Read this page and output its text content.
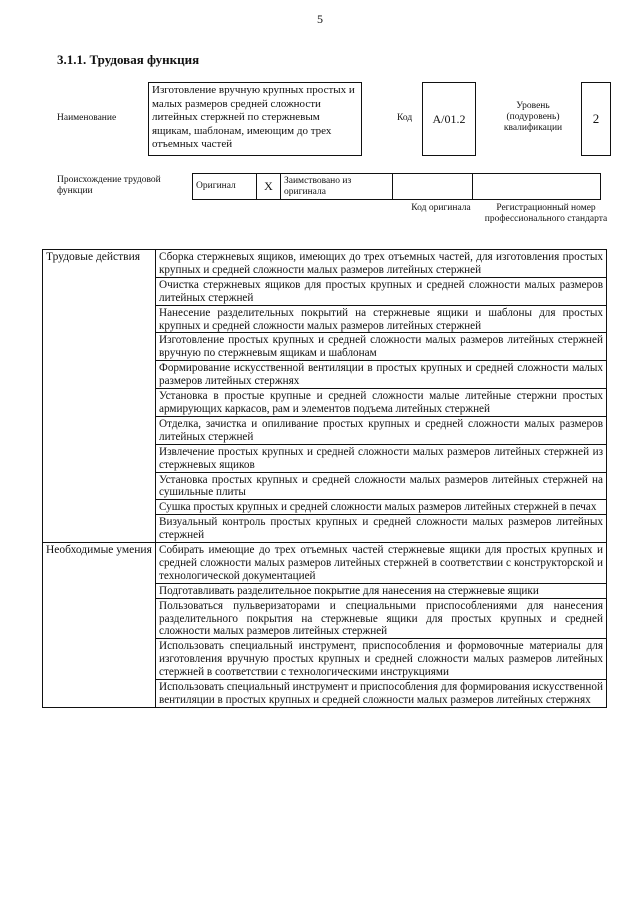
5
3.1.1. Трудовая функция
Наименование
Изготовление вручную крупных простых и малых размеров средней сложности литейных стержней по стержневым ящикам, шаблонам, имеющим до трех отъемных частей
Код	А/01.2
Уровень (подуровень) квалификации
2
Происхождение трудовой функции	Оригинал	X	Заимствовано из оригинала		
Код оригинала	Регистрационный номер профессионального стандарта
Трудовые действия	Сборка стержневых ящиков, имеющих до трех отъемных частей, для изготовления простых крупных и средней сложности малых размеров литейных стержней
	Очистка стержневых ящиков для простых крупных и средней сложности малых размеров литейных стержней
	Нанесение разделительных покрытий на стержневые ящики и шаблоны для простых крупных и средней сложности малых размеров литейных стержней
	Изготовление простых крупных и средней сложности малых размеров литейных стержней вручную по стержневым ящикам и шаблонам
	Формирование искусственной вентиляции в простых крупных и средней сложности малых размеров литейных стержнях
	Установка в простые крупные и средней сложности малые литейные стержни простых армирующих каркасов, рам и элементов подъема литейных стержней
	Отделка, зачистка и опиливание простых крупных и средней сложности малых размеров литейных стержней
	Извлечение простых крупных и средней сложности малых размеров литейных стержней из стержневых ящиков
	Установка простых крупных и средней сложности малых размеров литейных стержней на сушильные плиты
	Сушка простых крупных и средней сложности малых размеров литейных стержней в печах
	Визуальный контроль простых крупных и средней сложности малых размеров литейных стержней
Необходимые умения	Собирать имеющие до трех отъемных частей стержневые ящики для простых крупных и средней сложности малых размеров литейных стержней в соответствии с конструкторской и технологической документацией
	Подготавливать разделительное покрытие для нанесения на стержневые ящики
	Пользоваться пульверизаторами и специальными приспособлениями для нанесения разделительного покрытия на стержневые ящики для простых крупных и средней сложности малых размеров литейных стержней
	Использовать специальный инструмент, приспособления и формовочные материалы для изготовления вручную простых крупных и средней сложности малых размеров литейных стержней в соответствии с технологическими инструкциями
	Использовать специальный инструмент и приспособления для формирования искусственной вентиляции в простых крупных и средней сложности малых размеров литейных стержнях
